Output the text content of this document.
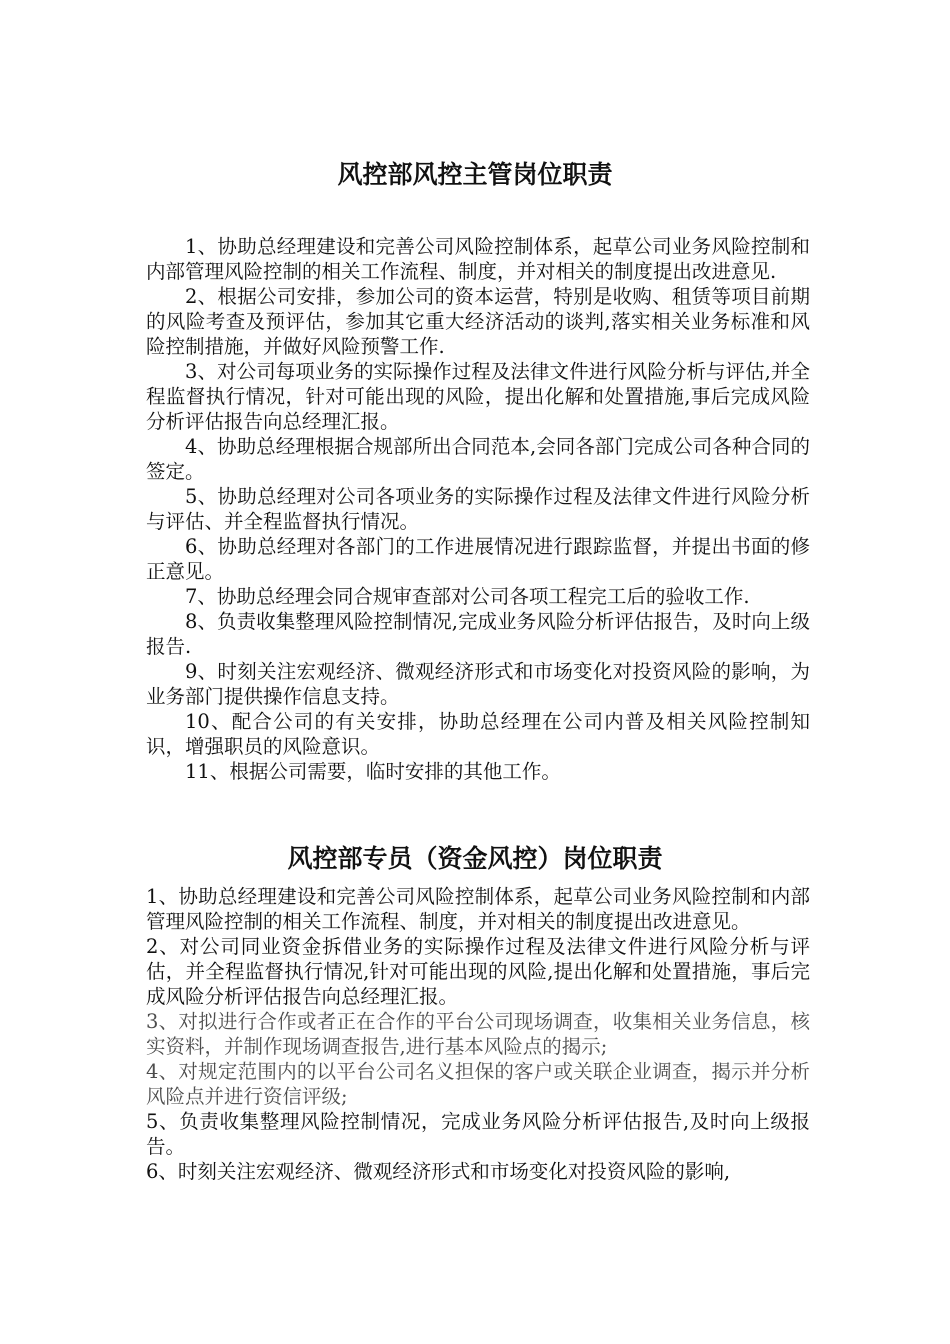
风控部风控主管岗位职责

1、协助总经理建设和完善公司风险控制体系，起草公司业务风险控制和内部管理风险控制的相关工作流程、制度，并对相关的制度提出改进意见.

2、根据公司安排，参加公司的资本运营，特别是收购、租赁等项目前期的风险考查及预评估，参加其它重大经济活动的谈判,落实相关业务标准和风险控制措施，并做好风险预警工作.

3、对公司每项业务的实际操作过程及法律文件进行风险分析与评估,并全程监督执行情况，针对可能出现的风险，提出化解和处置措施,事后完成风险分析评估报告向总经理汇报。

4、协助总经理根据合规部所出合同范本,会同各部门完成公司各种合同的签定。

5、协助总经理对公司各项业务的实际操作过程及法律文件进行风险分析与评估、并全程监督执行情况。

6、协助总经理对各部门的工作进展情况进行跟踪监督，并提出书面的修正意见。

7、协助总经理会同合规审查部对公司各项工程完工后的验收工作.

8、负责收集整理风险控制情况,完成业务风险分析评估报告，及时向上级报告.

9、时刻关注宏观经济、微观经济形式和市场变化对投资风险的影响，为业务部门提供操作信息支持。

10、配合公司的有关安排，协助总经理在公司内普及相关风险控制知识，增强职员的风险意识。

11、根据公司需要，临时安排的其他工作。

风控部专员（资金风控）岗位职责

1、协助总经理建设和完善公司风险控制体系，起草公司业务风险控制和内部管理风险控制的相关工作流程、制度，并对相关的制度提出改进意见。

2、对公司同业资金拆借业务的实际操作过程及法律文件进行风险分析与评估，并全程监督执行情况,针对可能出现的风险,提出化解和处置措施，事后完成风险分析评估报告向总经理汇报。

3、对拟进行合作或者正在合作的平台公司现场调查，收集相关业务信息，核实资料，并制作现场调查报告,进行基本风险点的揭示;

4、对规定范围内的以平台公司名义担保的客户或关联企业调查，揭示并分析风险点并进行资信评级;

5、负责收集整理风险控制情况，完成业务风险分析评估报告,及时向上级报告。

6、时刻关注宏观经济、微观经济形式和市场变化对投资风险的影响,
